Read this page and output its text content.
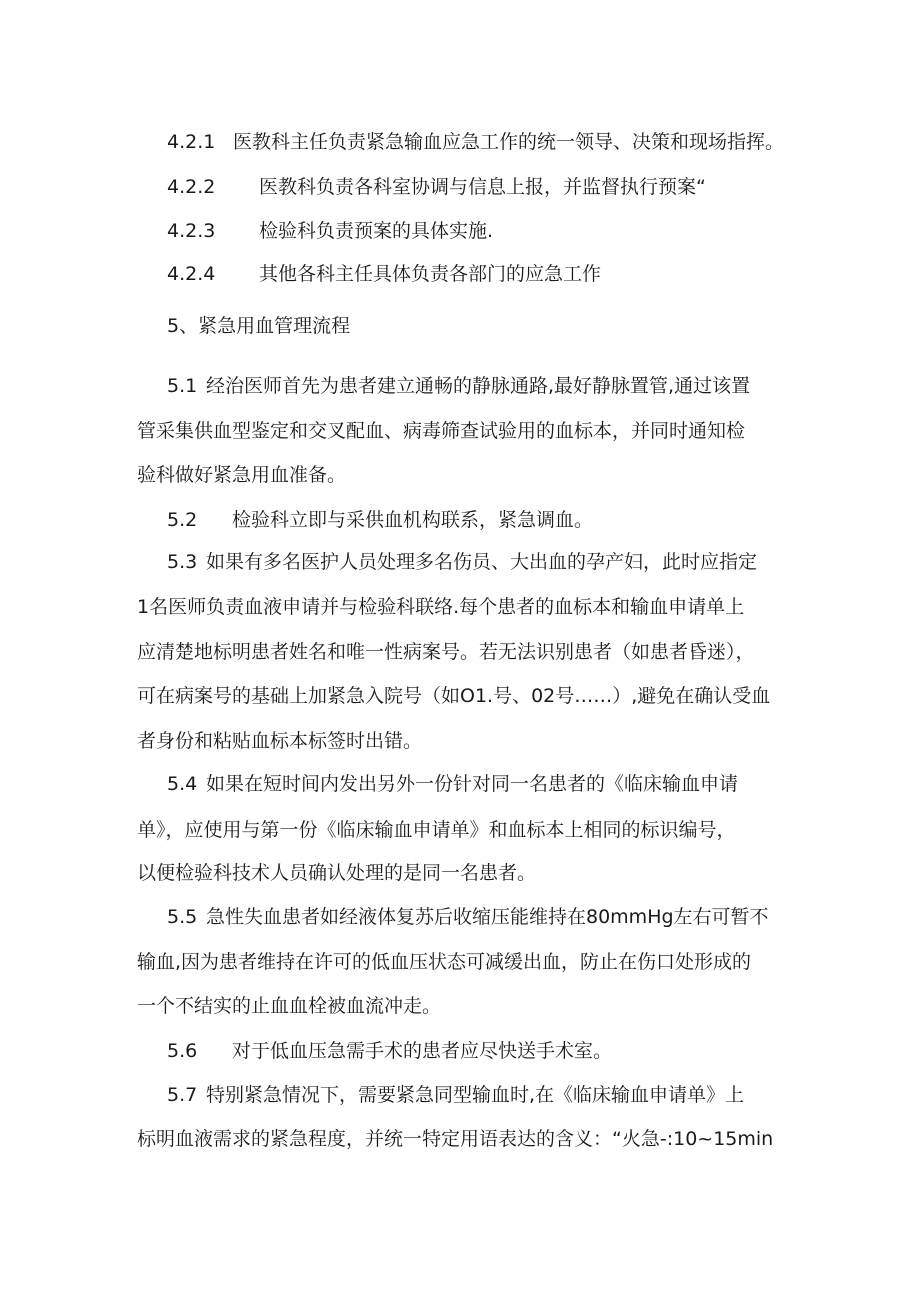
4.2.1 医教科主任负责紧急输血应急工作的统一领导、决策和现场指挥。
4.2.2 医教科负责各科室协调与信息上报，并监督执行预案“
4.2.3 检验科负责预案的具体实施.
4.2.4 其他各科主任具体负责各部门的应急工作
5、紧急用血管理流程
5.1 经治医师首先为患者建立通畅的静脉通路,最好静脉置管,通过该置
管采集供血型鉴定和交叉配血、病毒筛查试验用的血标本，并同时通知检
验科做好紧急用血准备。
5.2 检验科立即与采供血机构联系，紧急调血。
5.3 如果有多名医护人员处理多名伤员、大出血的孕产妇，此时应指定
1名医师负责血液申请并与检验科联络.每个患者的血标本和输血申请单上
应清楚地标明患者姓名和唯一性病案号。若无法识别患者（如患者昏迷），
可在病案号的基础上加紧急入院号（如O1.号、02号……）,避免在确认受血
者身份和粘贴血标本标签时出错。
5.4 如果在短时间内发出另外一份针对同一名患者的《临床输血申请
单》，应使用与第一份《临床输血申请单》和血标本上相同的标识编号，
以便检验科技术人员确认处理的是同一名患者。
5.5 急性失血患者如经液体复苏后收缩压能维持在80mmHg左右可暂不
输血,因为患者维持在许可的低血压状态可减缓出血，防止在伤口处形成的
一个不结实的止血血栓被血流冲走。
5.6 对于低血压急需手术的患者应尽快送手术室。
5.7 特别紧急情况下，需要紧急同型输血时,在《临床输血申请单》上
标明血液需求的紧急程度，并统一特定用语表达的含义：“火急-:10~15min
